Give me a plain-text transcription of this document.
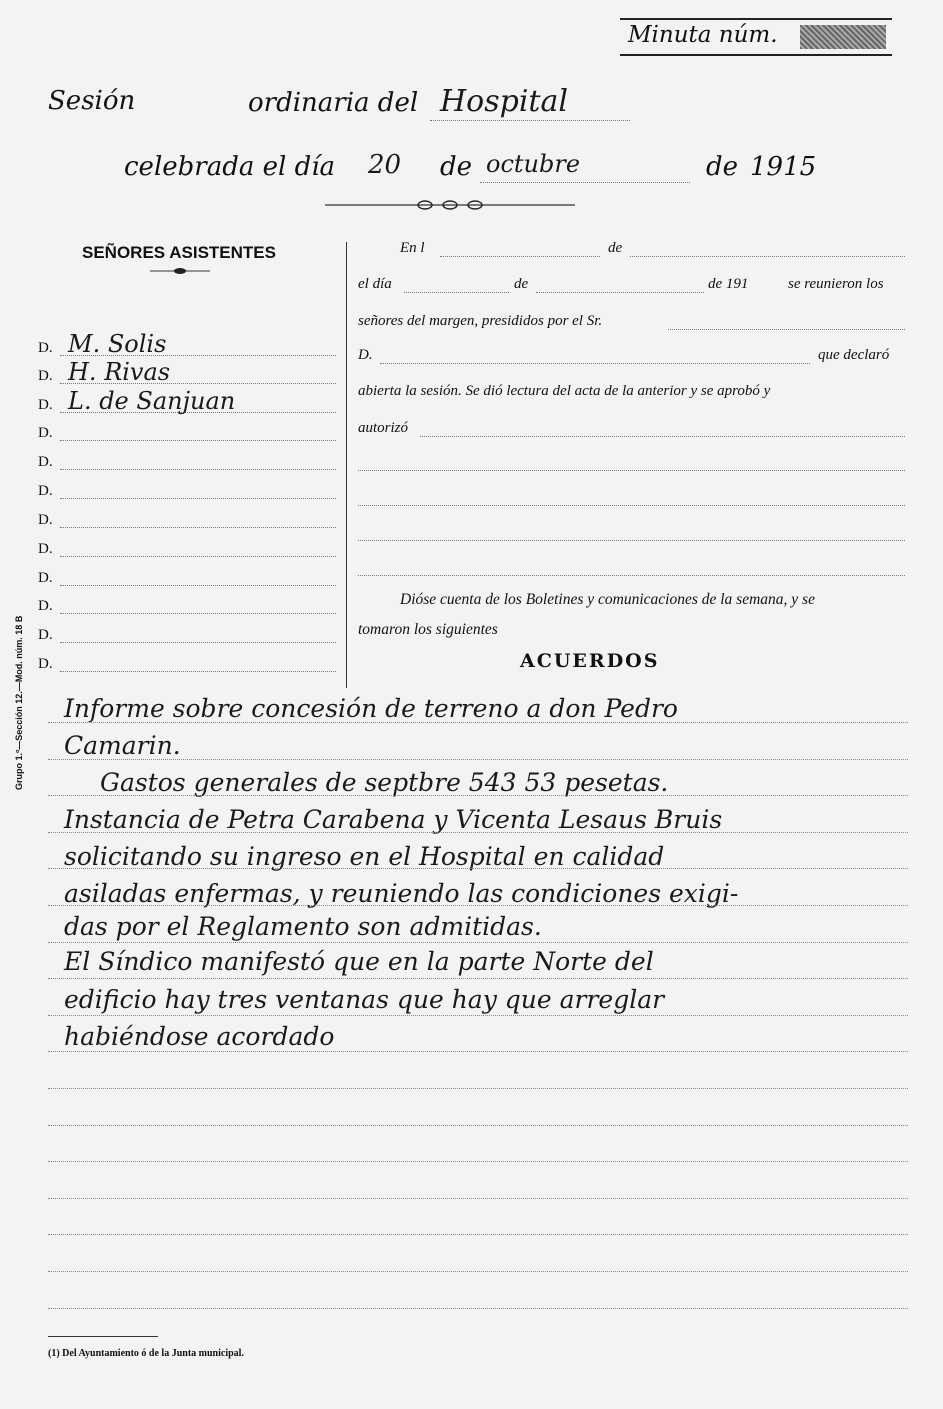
Minuta núm.
Sesión	ordinaria del Hospital
celebrada el día 20 de octubre	de 1915
SEÑORES ASISTENTES
D. M. Solis
D. H. Rivas
D. L. de Sanjuan
D.
D.
D.
D.
D.
D.
D.
D.
D.
En l	de
el día	de	de 191	se reunieron los
señores del margen, presididos por el Sr.
D.	que declaró
abierta la sesión. Se dió lectura del acta de la anterior y se aprobó y
autorizó
Dióse cuenta de los Boletines y comunicaciones de la semana, y se
tomaron los siguientes
ACUERDOS
Informe sobre concesión de terreno a don Pedro
Camarin.
Gastos generales de septbre 543 53 pesetas.
Instancia de Petra Carabena y Vicenta Lesaus Bruis
solicitando su ingreso en el Hospital en calidad
asiladas enfermas, y reuniendo las condiciones exigi-
das por el Reglamento son admitidas.
El Síndico manifestó que en la parte Norte del
edificio hay tres ventanas que hay que arreglar
habiéndose acordado
Grupo 1.º—Sección 12.—Mod. núm. 18 B
(1) Del Ayuntamiento ó de la Junta municipal.
